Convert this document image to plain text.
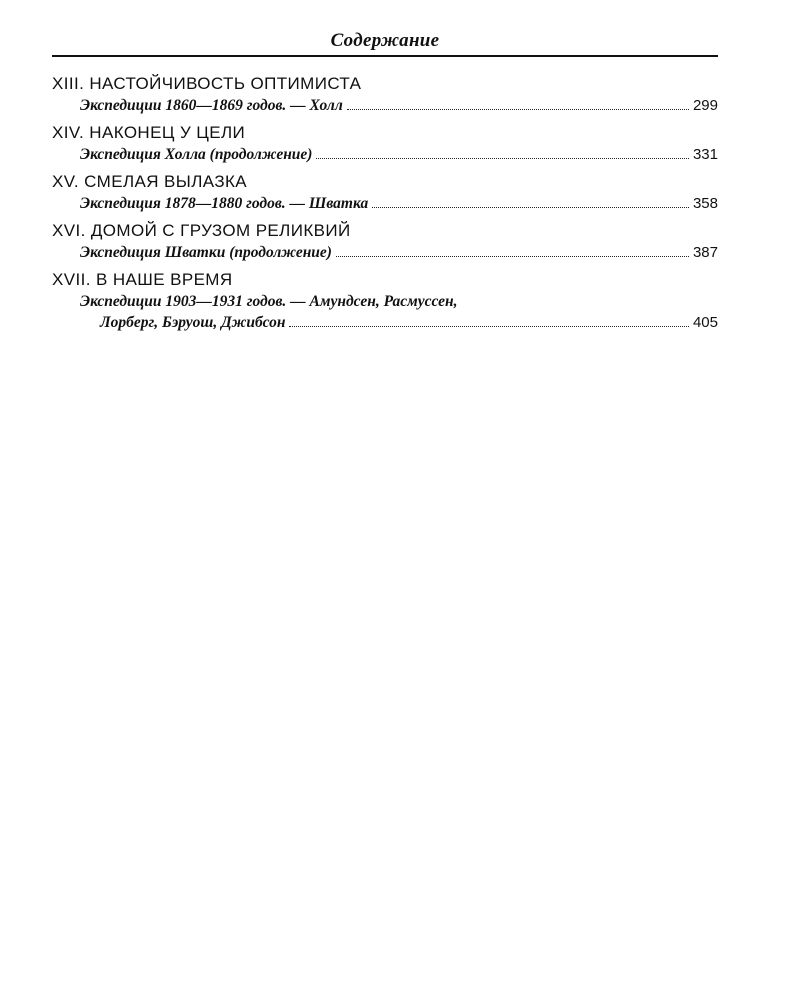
Содержание
XIII. НАСТОЙЧИВОСТЬ ОПТИМИСТА
Экспедиции 1860—1869 годов. — Холл	299
XIV. НАКОНЕЦ У ЦЕЛИ
Экспедиция Холла (продолжение)	331
XV. СМЕЛАЯ ВЫЛАЗКА
Экспедиция 1878—1880 годов. — Шватка	358
XVI. ДОМОЙ С ГРУЗОМ РЕЛИКВИЙ
Экспедиция Шватки (продолжение)	387
XVII. В НАШЕ ВРЕМЯ
Экспедиции 1903—1931 годов. — Амундсен, Расмуссен,
Лорберг, Бэруош, Джибсон	405
